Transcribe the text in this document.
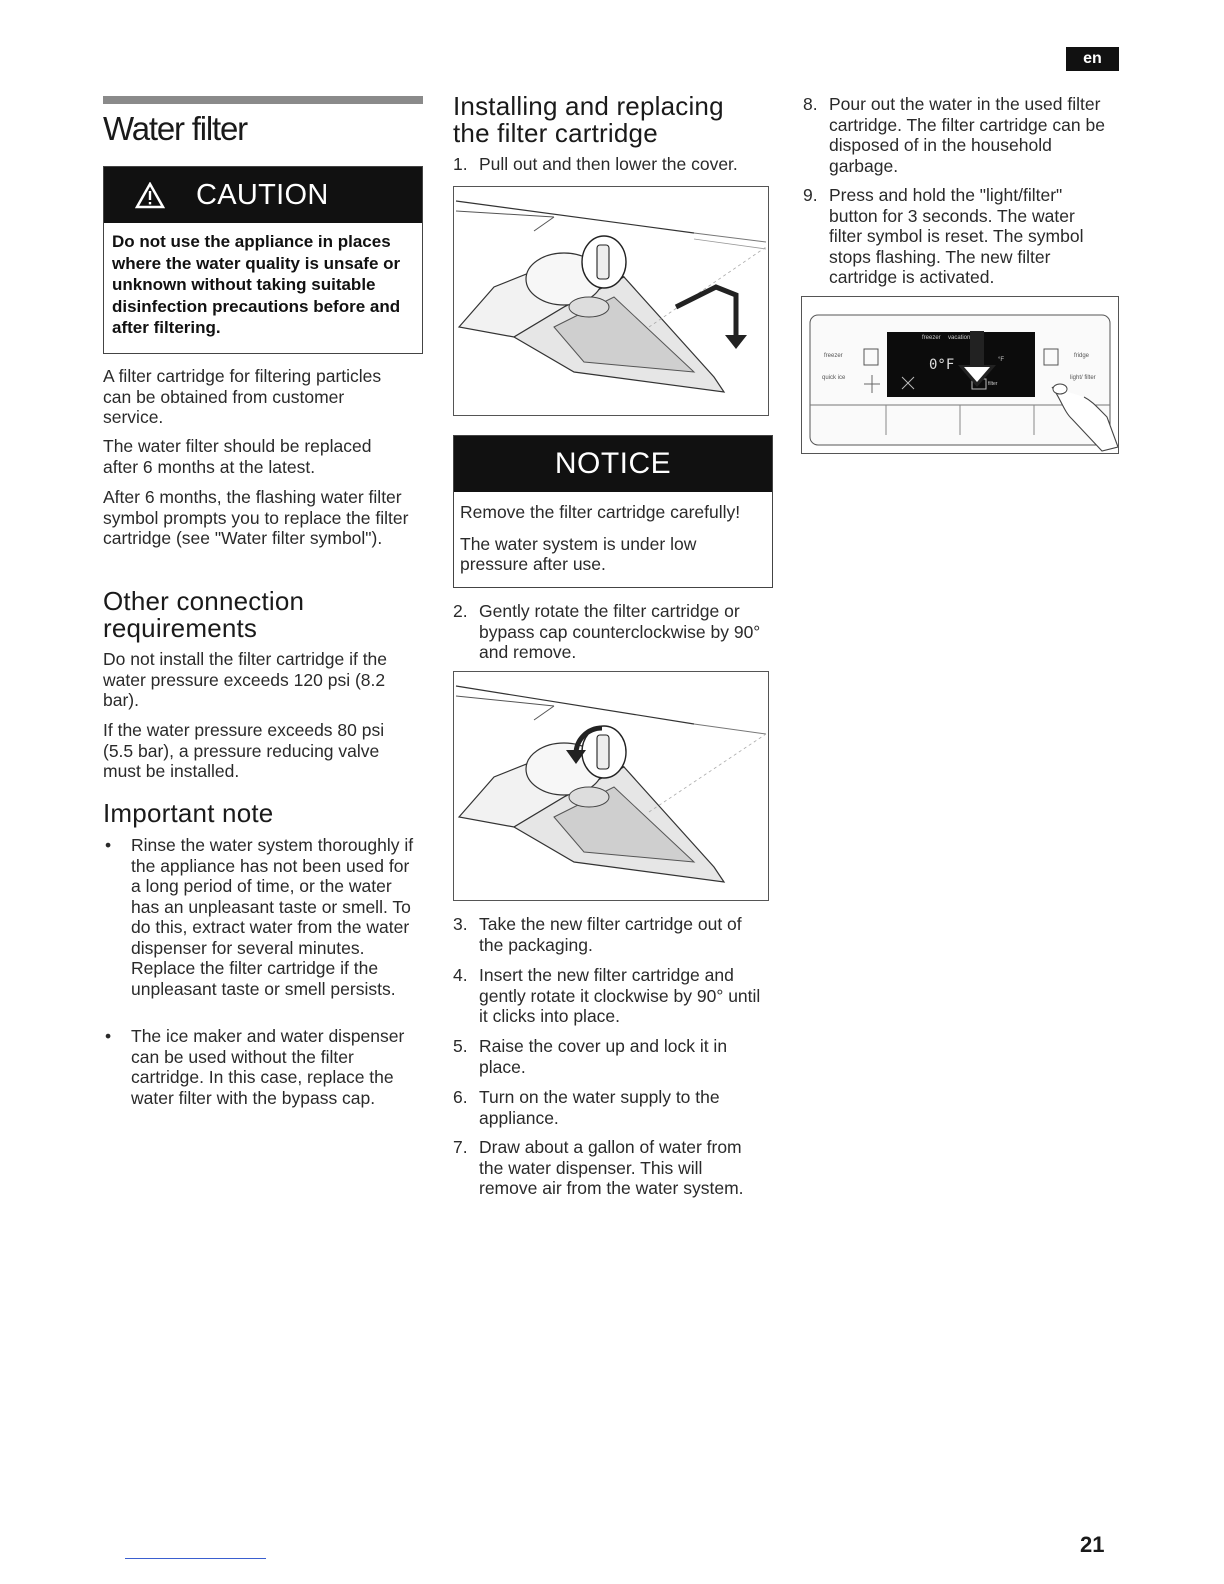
en
Water filter
CAUTION
Do not use the appliance in places where the water quality is unsafe or unknown without taking suitable disinfection precautions before and after filtering.

A filter cartridge for filtering particles can be obtained from customer service.

The water filter should be replaced after 6 months at the latest.

After 6 months, the flashing water filter symbol prompts you to replace the filter cartridge (see "Water filter symbol").

Other connection
requirements

Do not install the filter cartridge if the water pressure exceeds 120 psi (8.2 bar).

If the water pressure exceeds 80 psi (5.5 bar), a pressure reducing valve must be installed.

Important note
•	Rinse the water system thoroughly if the appliance has not been used for a long period of time, or the water has an unpleasant taste or smell. To do this, extract water from the water dispenser for several minutes. Replace the filter cartridge if the unpleasant taste or smell persists.
•	The ice maker and water dispenser can be used without the filter cartridge. In this case, replace the water filter with the bypass cap.
Installing and replacing
the filter cartridge
1. Pull out and then lower the cover.
NOTICE

Remove the filter cartridge carefully!

The water system is under low pressure after use.

2. Gently rotate the filter cartridge or bypass cap counterclockwise by 90° and remove.
3. Take the new filter cartridge out of the packaging.
4. Insert the new filter cartridge and gently rotate it clockwise by 90° until it clicks into place.
5. Raise the cover up and lock it in place.
6. Turn on the water supply to the appliance.
7. Draw about a gallon of water from the water dispenser. This will remove air from the water system.
8. Pour out the water in the used filter cartridge. The filter cartridge can be disposed of in the household garbage.
9. Press and hold the "light/filter" button for 3 seconds. The water filter symbol is reset. The symbol stops flashing. The new filter cartridge is activated.
freezer
quick ice
fridge
light/ filter
freezer vacation
0°F	°F
filter
21
